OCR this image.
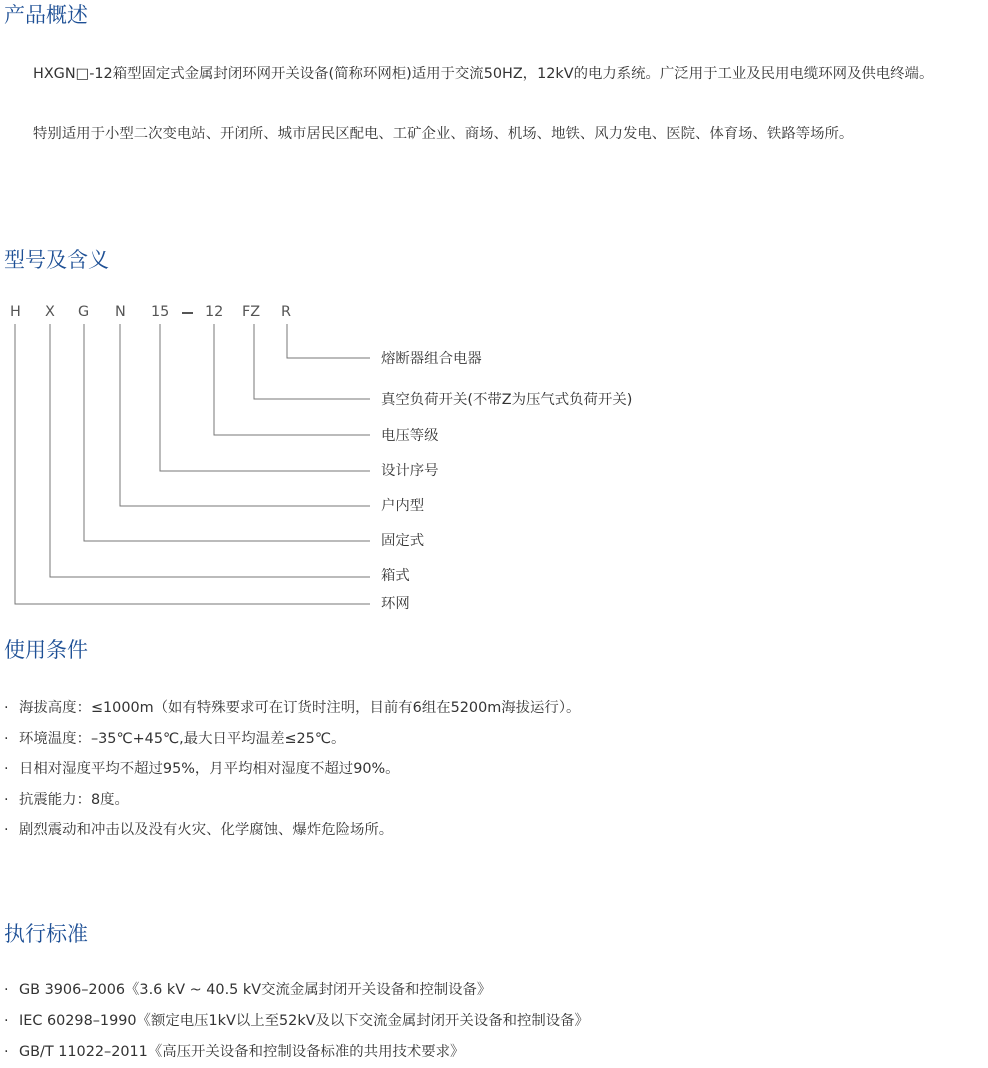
产品概述

HXGN□-12箱型固定式金属封闭环网开关设备(简称环网柜)适用于交流50HZ，12kV的电力系统。广泛用于工业及民用电缆环网及供电终端。

特别适用于小型二次变电站、开闭所、城市居民区配电、工矿企业、商场、机场、地铁、风力发电、医院、体育场、铁路等场所。

型号及含义
H X G N 15 12 FZ R
熔断器组合电器
真空负荷开关(不带Z为压气式负荷开关)
电压等级
设计序号
户内型
固定式
箱式
环网
使用条件
· 海拔高度：≤1000m（如有特殊要求可在订货时注明，目前有6组在5200m海拔运行）。
· 环境温度：–35℃+45℃,最大日平均温差≤25℃。
· 日相对湿度平均不超过95%，月平均相对湿度不超过90%。
· 抗震能力：8度。
· 剧烈震动和冲击以及没有火灾、化学腐蚀、爆炸危险场所。
执行标准
· GB 3906–2006《3.6 kV ~ 40.5 kV交流金属封闭开关设备和控制设备》
· IEC 60298–1990《额定电压1kV以上至52kV及以下交流金属封闭开关设备和控制设备》
· GB/T 11022–2011《高压开关设备和控制设备标准的共用技术要求》
